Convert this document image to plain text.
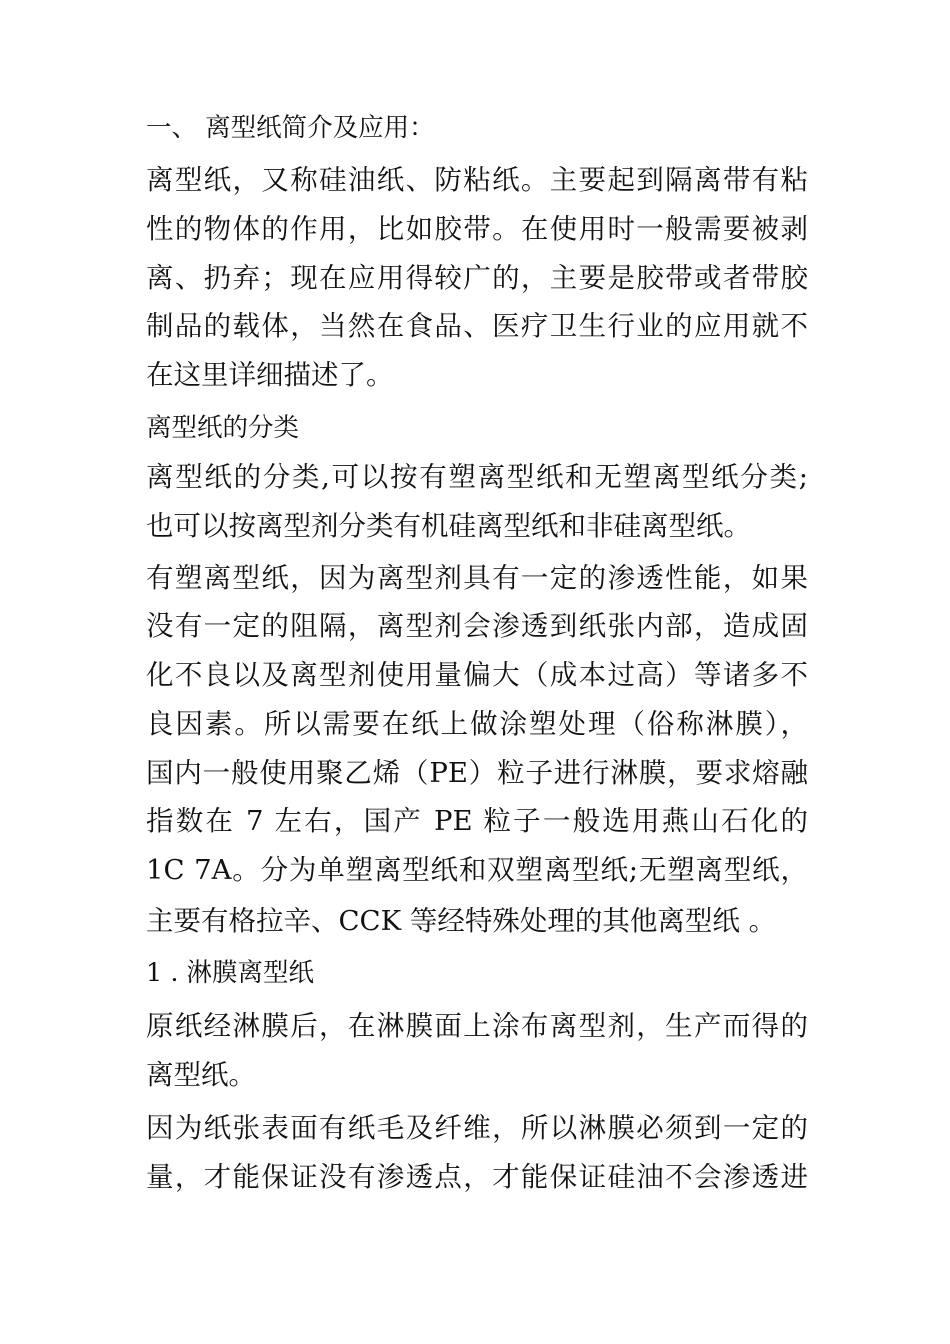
一、 离型纸简介及应用：
离型纸，又称硅油纸、防粘纸。主要起到隔离带有粘
性的物体的作用，比如胶带。在使用时一般需要被剥
离、扔弃；现在应用得较广的，主要是胶带或者带胶
制品的载体，当然在食品、医疗卫生行业的应用就不
在这里详细描述了。
离型纸的分类
离型纸的分类,可以按有塑离型纸和无塑离型纸分类;
也可以按离型剂分类有机硅离型纸和非硅离型纸。
有塑离型纸，因为离型剂具有一定的渗透性能，如果
没有一定的阻隔，离型剂会渗透到纸张内部，造成固
化不良以及离型剂使用量偏大（成本过高）等诸多不
良因素。所以需要在纸上做涂塑处理（俗称淋膜），
国内一般使用聚乙烯（PE）粒子进行淋膜，要求熔融
指数在 7 左右，国产 PE 粒子一般选用燕山石化的
1C 7A。分为单塑离型纸和双塑离型纸;无塑离型纸，
主要有格拉辛、CCK 等经特殊处理的其他离型纸 。
1 . 淋膜离型纸
原纸经淋膜后，在淋膜面上涂布离型剂，生产而得的
离型纸。
因为纸张表面有纸毛及纤维，所以淋膜必须到一定的
量，才能保证没有渗透点，才能保证硅油不会渗透进
